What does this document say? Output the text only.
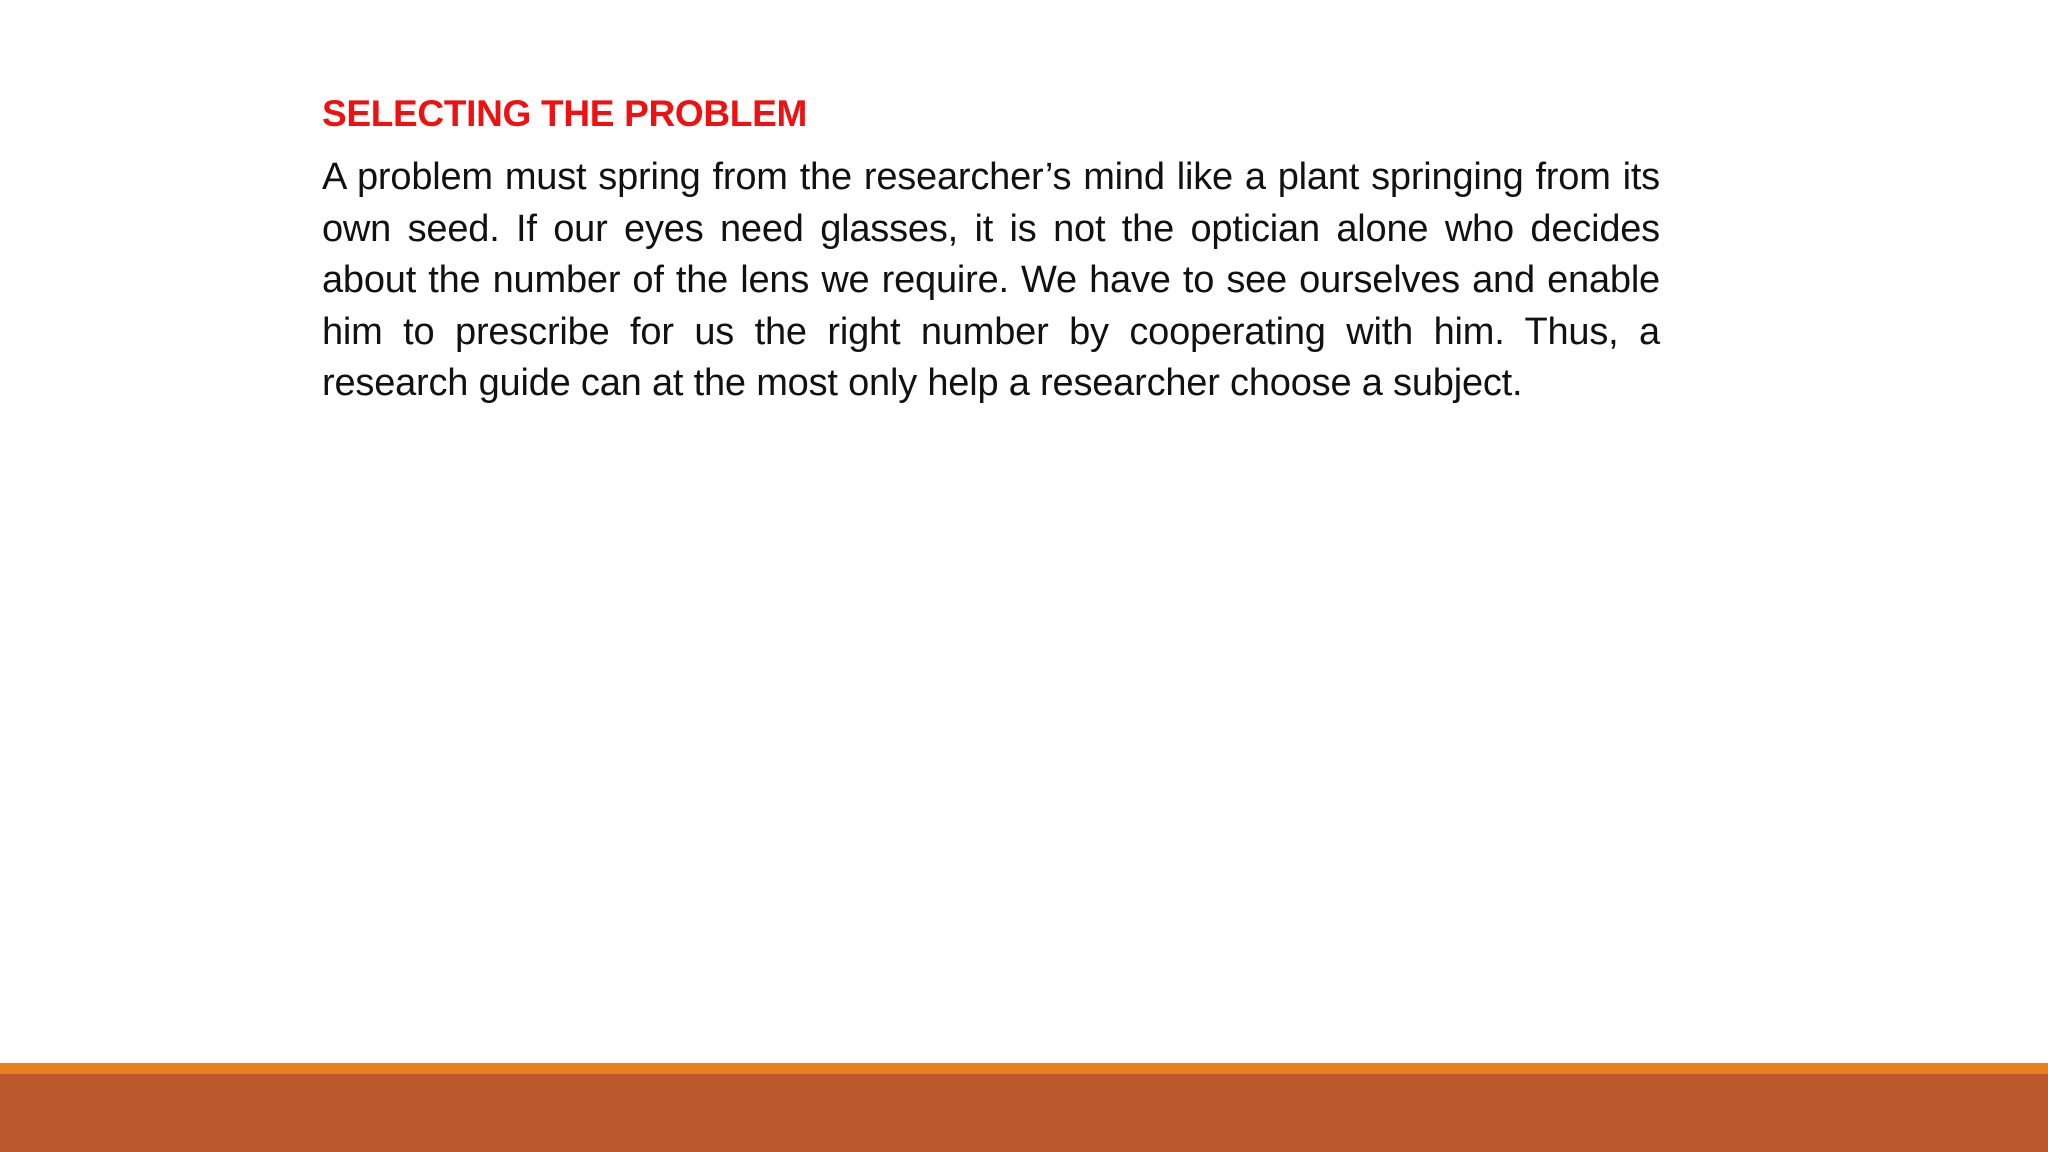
SELECTING THE PROBLEM

A problem must spring from the researcher’s mind like a plant springing from its own seed. If our eyes need glasses, it is not the optician alone who decides about the number of the lens we require. We have to see ourselves and enable him to prescribe for us the right number by cooperating with him. Thus, a research guide can at the most only help a researcher choose a subject.
